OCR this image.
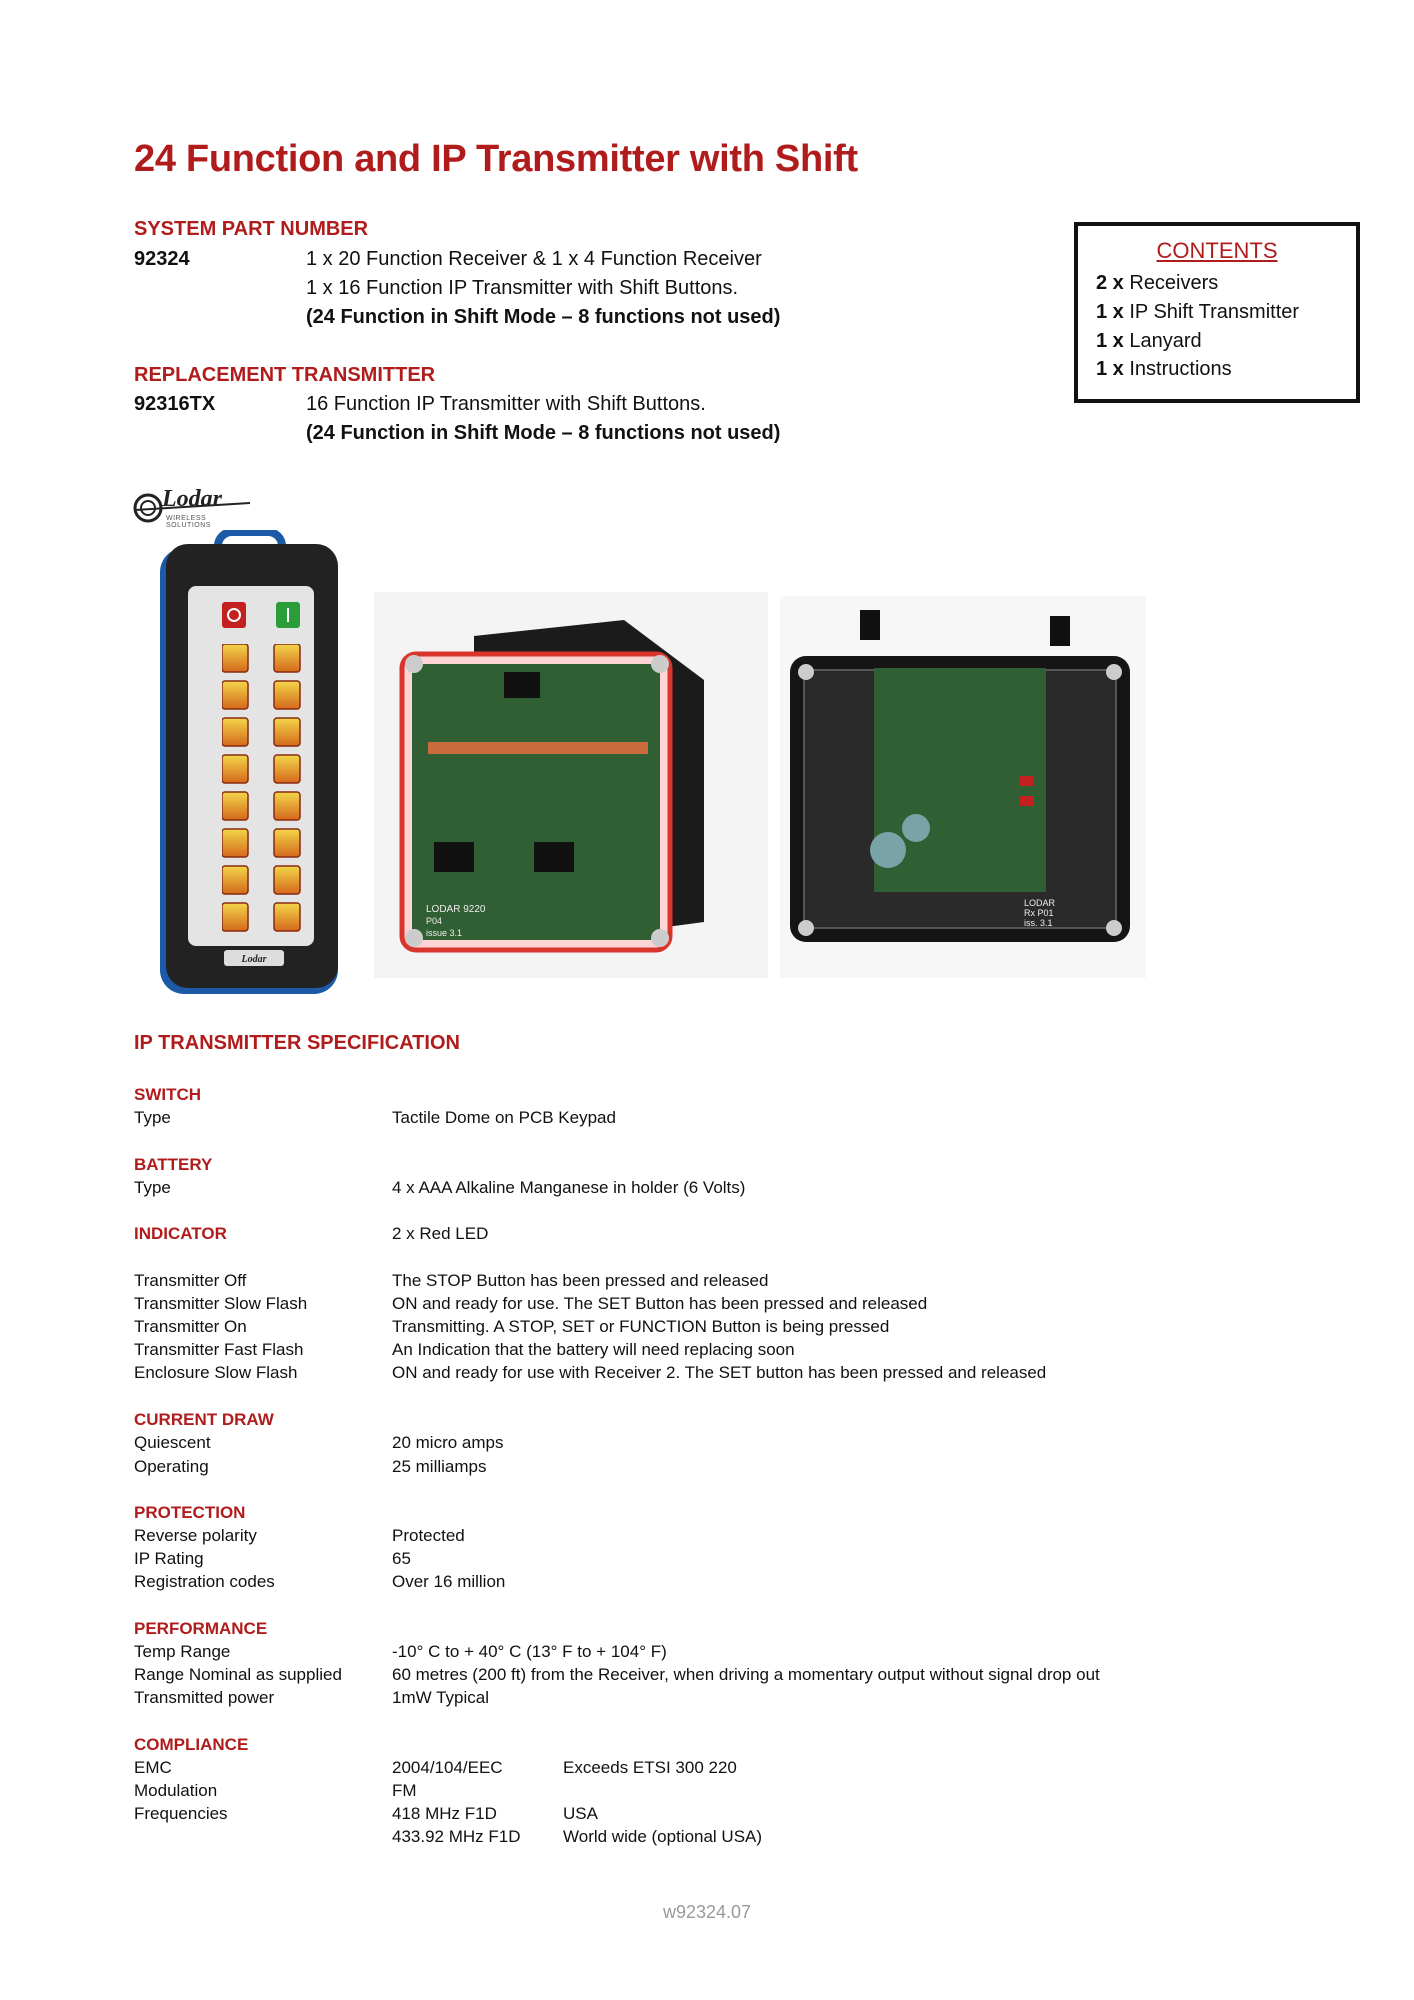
24 Function and IP Transmitter with Shift
SYSTEM PART NUMBER
92324	1 x 20 Function Receiver & 1 x 4 Function Receiver
1 x 16 Function IP Transmitter with Shift Buttons.
(24 Function in Shift Mode – 8 functions not used)
REPLACEMENT TRANSMITTER
92316TX	16 Function IP Transmitter with Shift Buttons.
(24 Function in Shift Mode – 8 functions not used)
CONTENTS
2 x Receivers
1 x IP Shift Transmitter
1 x Lanyard
1 x Instructions
Lodar
WIRELESS SOLUTIONS
Lodar
LODAR 9220
P04
issue 3.1
LODAR
Rx P01
iss. 3.1
IP TRANSMITTER SPECIFICATION
SWITCH
Type	Tactile Dome on PCB Keypad
BATTERY
Type	4 x AAA Alkaline Manganese in holder (6 Volts)
INDICATOR	2 x Red LED
Transmitter Off	The STOP Button has been pressed and released
Transmitter Slow Flash	ON and ready for use. The SET Button has been pressed and released
Transmitter On	Transmitting. A STOP, SET or FUNCTION Button is being pressed
Transmitter Fast Flash	An Indication that the battery will need replacing soon
Enclosure Slow Flash	ON and ready for use with Receiver 2. The SET button has been pressed and released
CURRENT DRAW
Quiescent	20 micro amps
Operating	25 milliamps
PROTECTION
Reverse polarity	Protected
IP Rating	65
Registration codes	Over 16 million
PERFORMANCE
Temp Range	-10° C to + 40° C (13° F to + 104° F)
Range Nominal as supplied	60 metres (200 ft) from the Receiver, when driving a momentary output without signal drop out
Transmitted power	1mW Typical
COMPLIANCE
EMC	2004/104/EEC	Exceeds ETSI 300 220
Modulation	FM
Frequencies	418 MHz F1D	USA
433.92 MHz F1D	World wide (optional USA)
w92324.07
